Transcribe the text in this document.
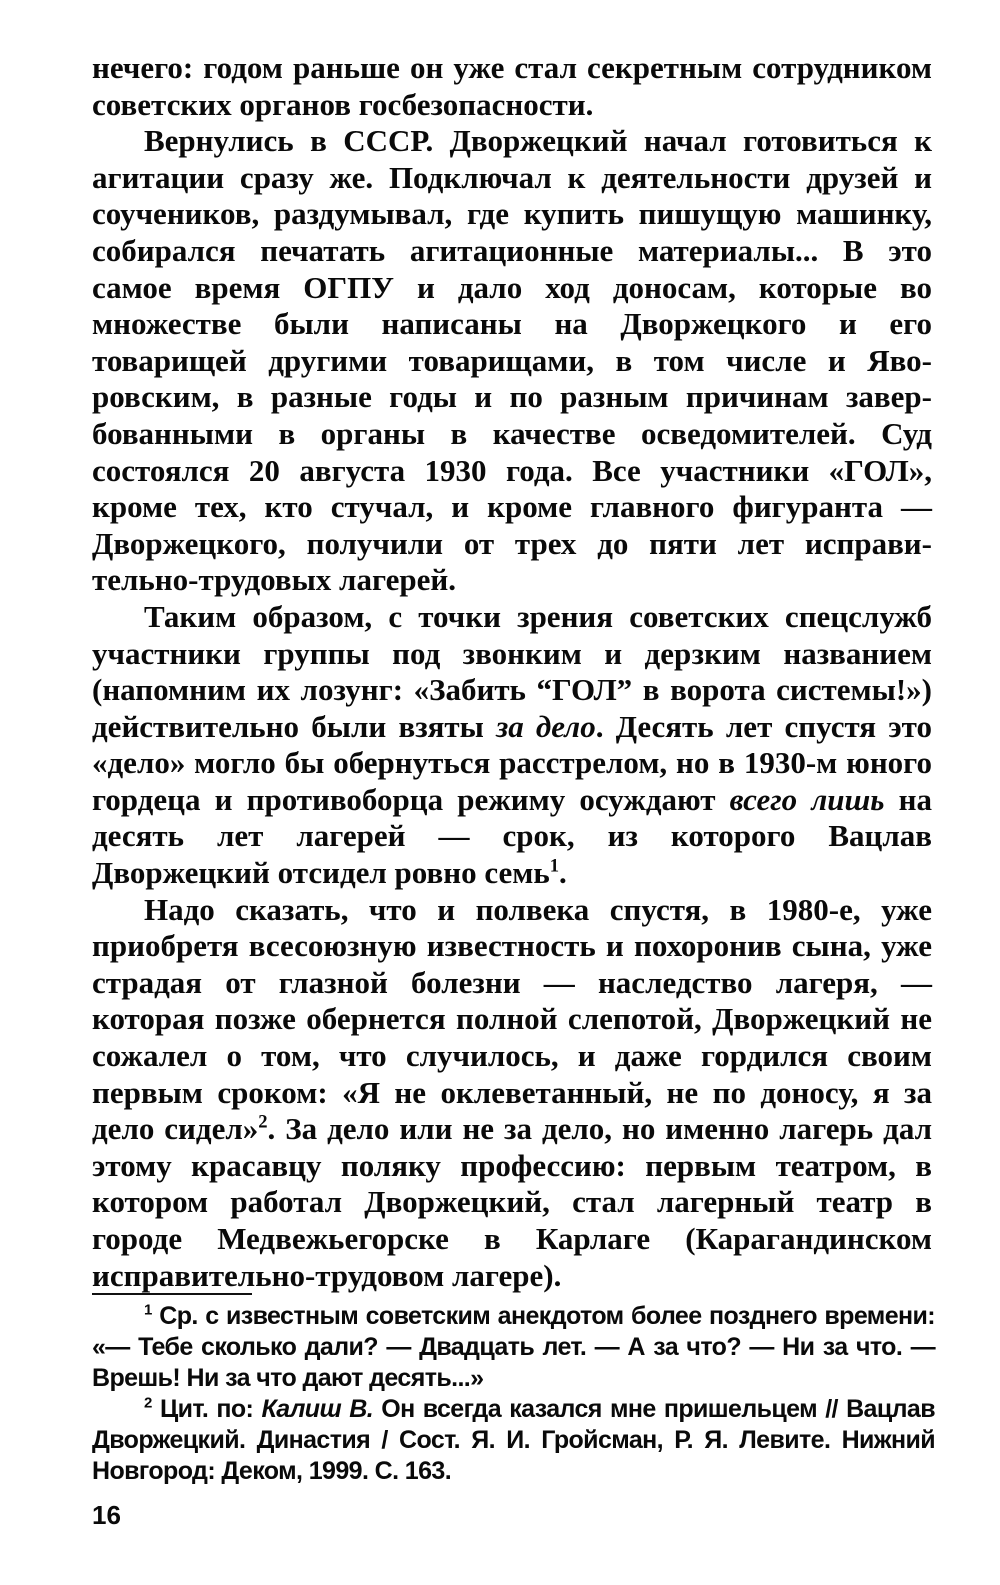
нечего: годом раньше он уже стал секретным сотрудником советских органов госбезопасности.

Вернулись в СССР. Дворжецкий начал готовиться к агитации сразу же. Подключал к деятельности друзей и соучеников, раздумывал, где купить пишущую машинку, собирался печатать агитационные материалы... В это самое время ОГПУ и дало ход доносам, которые во множестве были написаны на Дворжецкого и его товарищей другими товарищами, в том числе и Яворовским, в разные годы и по разным причинам завербованными в органы в качестве осведомителей. Суд состоялся 20 августа 1930 года. Все участники «ГОЛ», кроме тех, кто стучал, и кроме главного фигуранта — Дворжецкого, получили от трех до пяти лет исправительно-трудовых лагерей.

Таким образом, с точки зрения советских спецслужб участники группы под звонким и дерзким названием (напомним их лозунг: «Забить “ГОЛ” в ворота системы!») действительно были взяты за дело. Десять лет спустя это «дело» могло бы обернуться расстрелом, но в 1930-м юного гордеца и противоборца режиму осуждают всего лишь на десять лет лагерей — срок, из которого Вацлав Дворжецкий отсидел ровно семь$^1$.

Надо сказать, что и полвека спустя, в 1980-е, уже приобретя всесоюзную известность и похоронив сына, уже страдая от глазной болезни — наследство лагеря, — которая позже обернется полной слепотой, Дворжецкий не сожалел о том, что случилось, и даже гордился своим первым сроком: «Я не оклеветанный, не по доносу, я за дело сидел»$^2$. За дело или не за дело, но именно лагерь дал этому красавцу поляку профессию: первым театром, в котором работал Дворжецкий, стал лагерный театр в городе Медвежьегорске в Карлаге (Карагандинском исправительно-трудовом лагере).

$^1$ Ср. с известным советским анекдотом более позднего времени: «— Тебе сколько дали? — Двадцать лет. — А за что? — Ни за что. — Врешь! Ни за что дают десять...»

$^2$ Цит. по: Калиш В. Он всегда казался мне пришельцем // Вацлав Дворжецкий. Династия / Сост. Я. И. Гройсман, Р. Я. Левите. Нижний Новгород: Деком, 1999. С. 163.

16
